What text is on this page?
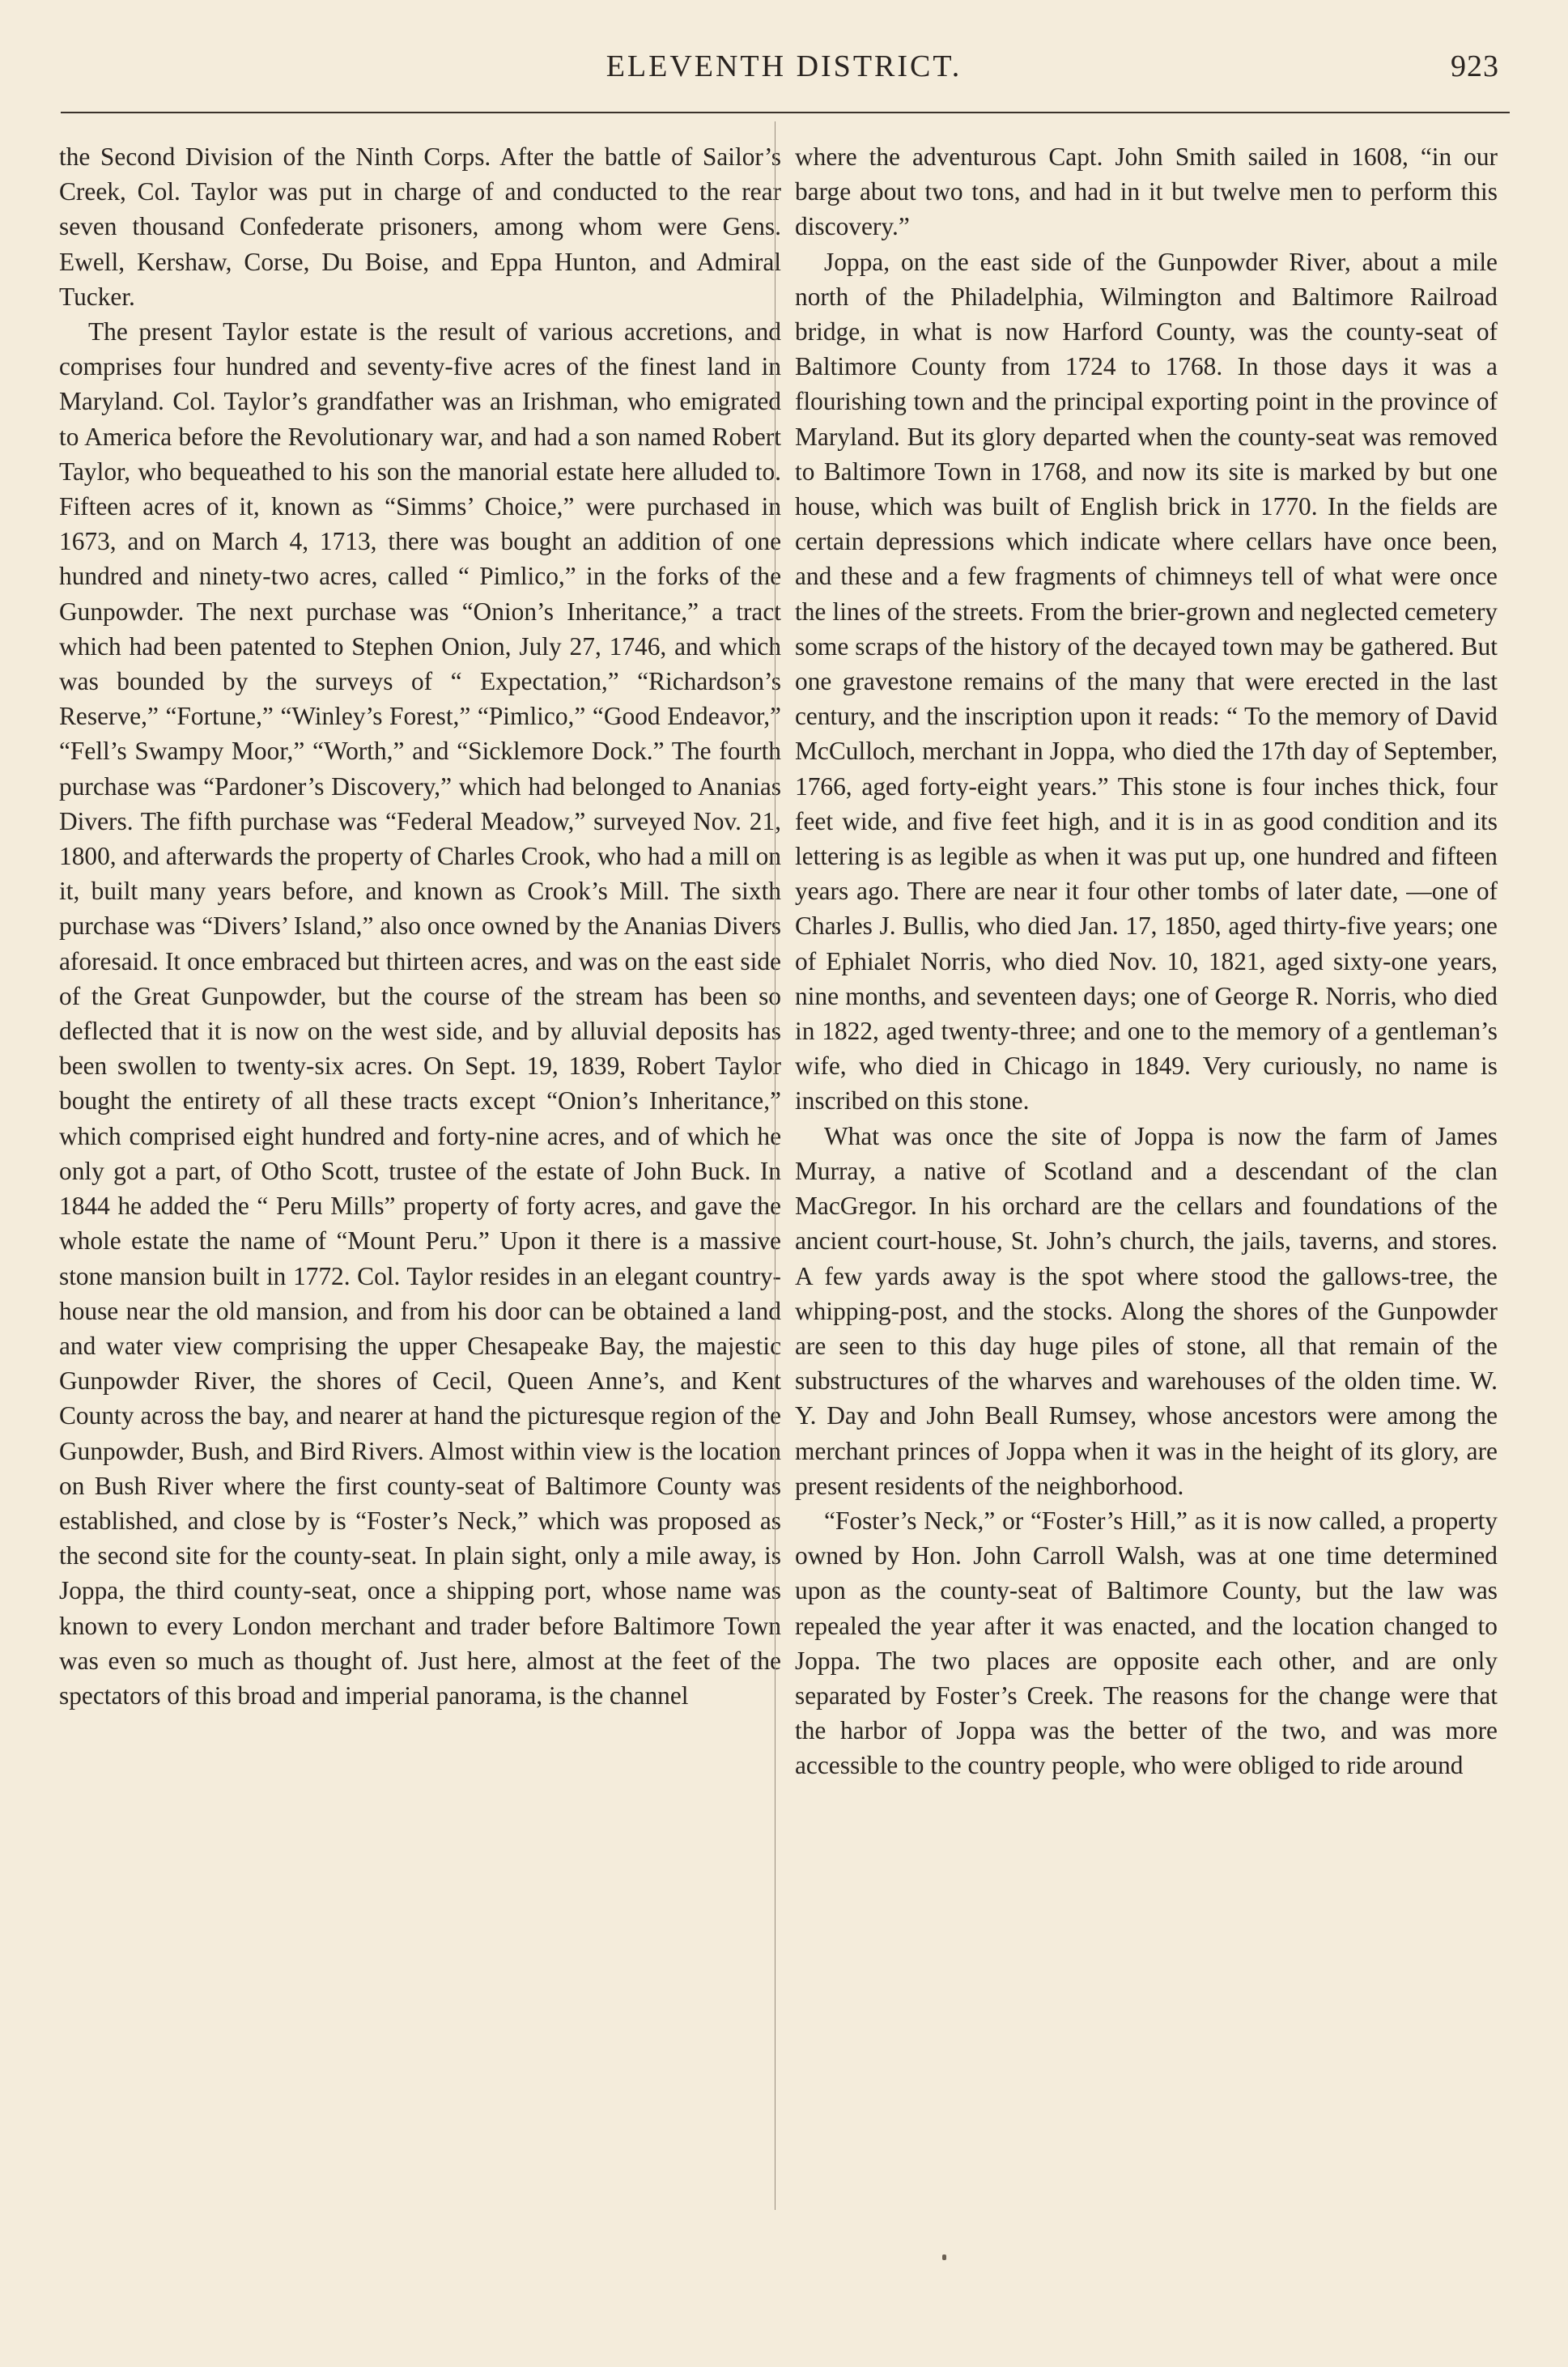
ELEVENTH DISTRICT.	923

the Second Division of the Ninth Corps. After the battle of Sailor’s Creek, Col. Taylor was put in charge of and conducted to the rear seven thousand Confederate prisoners, among whom were Gens. Ewell, Kershaw, Corse, Du Boise, and Eppa Hunton, and Admiral Tucker.

The present Taylor estate is the result of various accretions, and comprises four hundred and seventy-five acres of the finest land in Maryland. Col. Taylor’s grandfather was an Irishman, who emigrated to America before the Revolutionary war, and had a son named Robert Taylor, who bequeathed to his son the manorial estate here alluded to. Fifteen acres of it, known as “Simms’ Choice,” were purchased in 1673, and on March 4, 1713, there was bought an addition of one hundred and ninety-two acres, called “ Pimlico,” in the forks of the Gunpowder. The next purchase was “Onion’s Inheritance,” a tract which had been patented to Stephen Onion, July 27, 1746, and which was bounded by the surveys of “ Expectation,” “Richardson’s Reserve,” “Fortune,” “Winley’s Forest,” “Pimlico,” “Good Endeavor,” “Fell’s Swampy Moor,” “Worth,” and “Sicklemore Dock.” The fourth purchase was “Pardoner’s Discovery,” which had belonged to Ananias Divers. The fifth purchase was “Federal Meadow,” surveyed Nov. 21, 1800, and afterwards the property of Charles Crook, who had a mill on it, built many years before, and known as Crook’s Mill. The sixth purchase was “Divers’ Island,” also once owned by the Ananias Divers aforesaid. It once embraced but thirteen acres, and was on the east side of the Great Gunpowder, but the course of the stream has been so deflected that it is now on the west side, and by alluvial deposits has been swollen to twenty-six acres. On Sept. 19, 1839, Robert Taylor bought the entirety of all these tracts except “Onion’s Inheritance,” which comprised eight hundred and forty-nine acres, and of which he only got a part, of Otho Scott, trustee of the estate of John Buck. In 1844 he added the “ Peru Mills” property of forty acres, and gave the whole estate the name of “Mount Peru.” Upon it there is a massive stone mansion built in 1772. Col. Taylor resides in an elegant country-house near the old mansion, and from his door can be obtained a land and water view comprising the upper Chesapeake Bay, the majestic Gunpowder River, the shores of Cecil, Queen Anne’s, and Kent County across the bay, and nearer at hand the picturesque region of the Gunpowder, Bush, and Bird Rivers. Almost within view is the location on Bush River where the first county-seat of Baltimore County was established, and close by is “Foster’s Neck,” which was proposed as the second site for the county-seat. In plain sight, only a mile away, is Joppa, the third county-seat, once a shipping port, whose name was known to every London merchant and trader before Baltimore Town was even so much as thought of. Just here, almost at the feet of the spectators of this broad and imperial panorama, is the channel

where the adventurous Capt. John Smith sailed in 1608, “in our barge about two tons, and had in it but twelve men to perform this discovery.”

Joppa, on the east side of the Gunpowder River, about a mile north of the Philadelphia, Wilmington and Baltimore Railroad bridge, in what is now Harford County, was the county-seat of Baltimore County from 1724 to 1768. In those days it was a flourishing town and the principal exporting point in the province of Maryland. But its glory departed when the county-seat was removed to Baltimore Town in 1768, and now its site is marked by but one house, which was built of English brick in 1770. In the fields are certain depressions which indicate where cellars have once been, and these and a few fragments of chimneys tell of what were once the lines of the streets. From the brier-grown and neglected cemetery some scraps of the history of the decayed town may be gathered. But one gravestone remains of the many that were erected in the last century, and the inscription upon it reads: “ To the memory of David McCulloch, merchant in Joppa, who died the 17th day of September, 1766, aged forty-eight years.” This stone is four inches thick, four feet wide, and five feet high, and it is in as good condition and its lettering is as legible as when it was put up, one hundred and fifteen years ago. There are near it four other tombs of later date, —one of Charles J. Bullis, who died Jan. 17, 1850, aged thirty-five years; one of Ephialet Norris, who died Nov. 10, 1821, aged sixty-one years, nine months, and seventeen days; one of George R. Norris, who died in 1822, aged twenty-three; and one to the memory of a gentleman’s wife, who died in Chicago in 1849. Very curiously, no name is inscribed on this stone.

What was once the site of Joppa is now the farm of James Murray, a native of Scotland and a descendant of the clan MacGregor. In his orchard are the cellars and foundations of the ancient court-house, St. John’s church, the jails, taverns, and stores. A few yards away is the spot where stood the gallows-tree, the whipping-post, and the stocks. Along the shores of the Gunpowder are seen to this day huge piles of stone, all that remain of the substructures of the wharves and warehouses of the olden time. W. Y. Day and John Beall Rumsey, whose ancestors were among the merchant princes of Joppa when it was in the height of its glory, are present residents of the neighborhood.

“Foster’s Neck,” or “Foster’s Hill,” as it is now called, a property owned by Hon. John Carroll Walsh, was at one time determined upon as the county-seat of Baltimore County, but the law was repealed the year after it was enacted, and the location changed to Joppa. The two places are opposite each other, and are only separated by Foster’s Creek. The reasons for the change were that the harbor of Joppa was the better of the two, and was more accessible to the country people, who were obliged to ride around
